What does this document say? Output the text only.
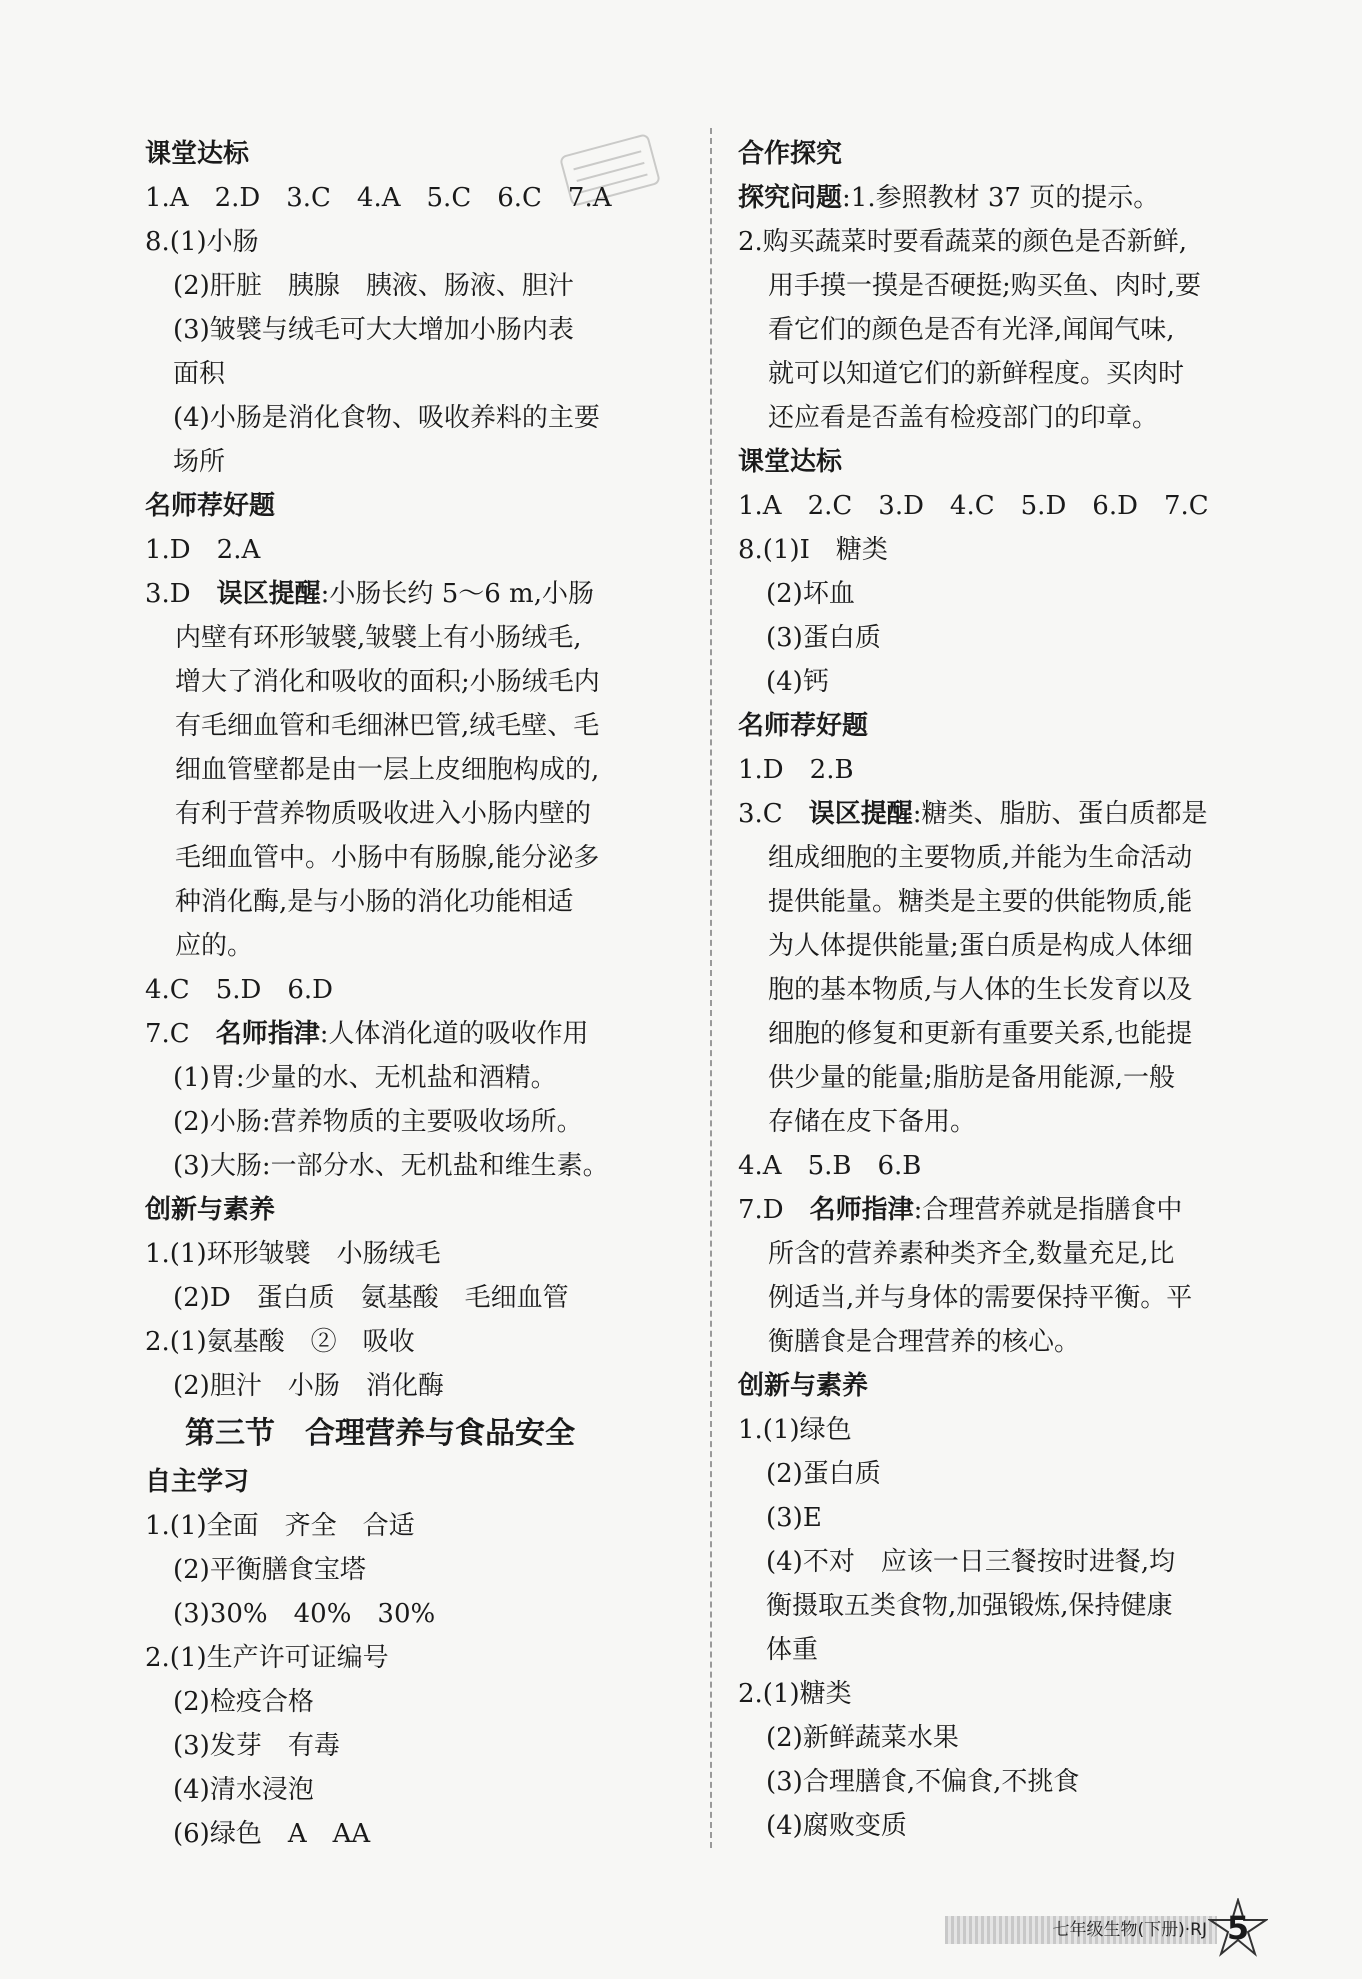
课堂达标
1.A　2.D　3.C　4.A　5.C　6.C　7.A
8.(1)小肠
(2)肝脏　胰腺　胰液、肠液、胆汁
(3)皱襞与绒毛可大大增加小肠内表
面积
(4)小肠是消化食物、吸收养料的主要
场所
名师荐好题
1.D　2.A
3.D　误区提醒:小肠长约 5～6 m,小肠
内壁有环形皱襞,皱襞上有小肠绒毛,
增大了消化和吸收的面积;小肠绒毛内
有毛细血管和毛细淋巴管,绒毛壁、毛
细血管壁都是由一层上皮细胞构成的,
有利于营养物质吸收进入小肠内壁的
毛细血管中。小肠中有肠腺,能分泌多
种消化酶,是与小肠的消化功能相适
应的。
4.C　5.D　6.D
7.C　名师指津:人体消化道的吸收作用
(1)胃:少量的水、无机盐和酒精。
(2)小肠:营养物质的主要吸收场所。
(3)大肠:一部分水、无机盐和维生素。
创新与素养
1.(1)环形皱襞　小肠绒毛
(2)D　蛋白质　氨基酸　毛细血管
2.(1)氨基酸　②　吸收
(2)胆汁　小肠　消化酶
第三节　合理营养与食品安全
自主学习
1.(1)全面　齐全　合适
(2)平衡膳食宝塔
(3)30%　40%　30%
2.(1)生产许可证编号
(2)检疫合格
(3)发芽　有毒
(4)清水浸泡
(6)绿色　A　AA
合作探究
探究问题:1.参照教材 37 页的提示。
2.购买蔬菜时要看蔬菜的颜色是否新鲜,
用手摸一摸是否硬挺;购买鱼、肉时,要
看它们的颜色是否有光泽,闻闻气味,
就可以知道它们的新鲜程度。买肉时
还应看是否盖有检疫部门的印章。
课堂达标
1.A　2.C　3.D　4.C　5.D　6.D　7.C
8.(1)Ⅰ　糖类
(2)坏血
(3)蛋白质
(4)钙
名师荐好题
1.D　2.B
3.C　误区提醒:糖类、脂肪、蛋白质都是
组成细胞的主要物质,并能为生命活动
提供能量。糖类是主要的供能物质,能
为人体提供能量;蛋白质是构成人体细
胞的基本物质,与人体的生长发育以及
细胞的修复和更新有重要关系,也能提
供少量的能量;脂肪是备用能源,一般
存储在皮下备用。
4.A　5.B　6.B
7.D　名师指津:合理营养就是指膳食中
所含的营养素种类齐全,数量充足,比
例适当,并与身体的需要保持平衡。平
衡膳食是合理营养的核心。
创新与素养
1.(1)绿色
(2)蛋白质
(3)E
(4)不对　应该一日三餐按时进餐,均
衡摄取五类食物,加强锻炼,保持健康
体重
2.(1)糖类
(2)新鲜蔬菜水果
(3)合理膳食,不偏食,不挑食
(4)腐败变质
七年级生物(下册)·RJ 5
